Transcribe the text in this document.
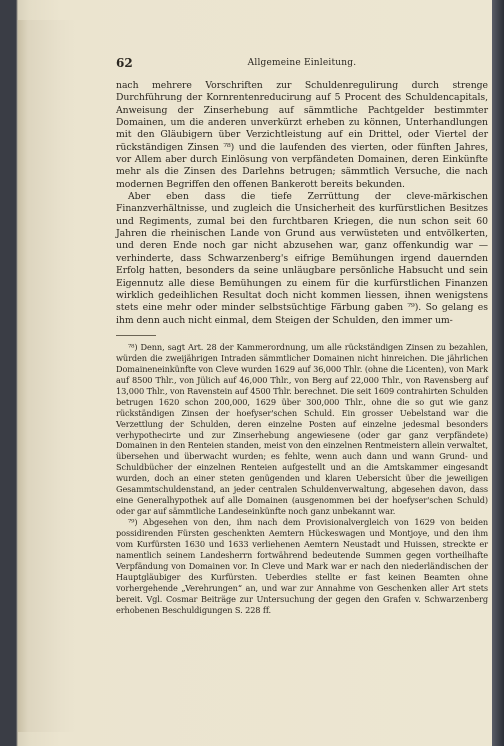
62	Allgemeine Einleitung.

nach mehrere Vorschriften zur Schuldenregulirung durch strenge Durchführung der Kornrentenreducirung auf 5 Procent des Schuldencapitals, Anweisung der Zinserhebung auf sämmtliche Pachtgelder bestimmter Domainen, um die anderen unverkürzt erheben zu können, Unterhandlungen mit den Gläubigern über Verzichtleistung auf ein Drittel, oder Viertel der rückständigen Zinsen ⁷⁸) und die laufenden des vierten, oder fünften Jahres, vor Allem aber durch Einlösung von verpfändeten Domainen, deren Einkünfte mehr als die Zinsen des Darlehns betrugen; sämmtlich Versuche, die nach modernen Begriffen den offenen Bankerott bereits bekunden.

Aber eben dass die tiefe Zerrüttung der cleve-märkischen Finanzverhältnisse, und zugleich die Unsicherheit des kurfürstlichen Besitzes und Regiments, zumal bei den furchtbaren Kriegen, die nun schon seit 60 Jahren die rheinischen Lande von Grund aus verwüsteten und entvölkerten, und deren Ende noch gar nicht abzusehen war, ganz offenkundig war — verhinderte, dass Schwarzenberg's eifrige Bemühungen irgend dauernden Erfolg hatten, besonders da seine unläugbare persönliche Habsucht und sein Eigennutz alle diese Bemühungen zu einem für die kurfürstlichen Finanzen wirklich gedeihlichen Resultat doch nicht kommen liessen, ihnen wenigstens stets eine mehr oder minder selbstsüchtige Färbung gaben ⁷⁹). So gelang es ihm denn auch nicht einmal, dem Steigen der Schulden, den immer um-

⁷⁸) Denn, sagt Art. 28 der Kammerordnung, um alle rückständigen Zinsen zu bezahlen, würden die zweijährigen Intraden sämmtlicher Domainen nicht hinreichen. Die jährlichen Domaineneinkünfte von Cleve wurden 1629 auf 36,000 Thlr. (ohne die Licenten), von Mark auf 8500 Thlr., von Jülich auf 46,000 Thlr., von Berg auf 22,000 Thlr., von Ravensberg auf 13,000 Thlr., von Ravenstein auf 4500 Thlr. berechnet. Die seit 1609 contrahirten Schulden betrugen 1620 schon 200,000, 1629 über 300,000 Thlr., ohne die so gut wie ganz rückständigen Zinsen der hoefyser'schen Schuld. Ein grosser Uebelstand war die Verzettlung der Schulden, deren einzelne Posten auf einzelne jedesmal besonders verhypothecirte und zur Zinserhebung angewiesene (oder gar ganz verpfändete) Domainen in den Renteien standen, meist von den einzelnen Rentmeistern allein verwaltet, übersehen und überwacht wurden; es fehlte, wenn auch dann und wann Grund- und Schuldbücher der einzelnen Renteien aufgestellt und an die Amtskammer eingesandt wurden, doch an einer steten genügenden und klaren Uebersicht über die jeweiligen Gesammtschuldenstand, an jeder centralen Schuldenverwaltung, abgesehen davon, dass eine Generalhypothek auf alle Domainen (ausgenommen bei der hoefyser'schen Schuld) oder gar auf sämmtliche Landeseinkünfte noch ganz unbekannt war.

⁷⁹) Abgesehen von den, ihm nach dem Provisionalvergleich von 1629 von beiden possidirenden Fürsten geschenkten Aemtern Hückeswagen und Montjoye, und den ihm vom Kurfürsten 1630 und 1633 verliehenen Aemtern Neustadt und Huissen, streckte er namentlich seinem Landesherrn fortwährend bedeutende Summen gegen vortheilhafte Verpfändung von Domainen vor. In Cleve und Mark war er nach den niederländischen der Hauptgläubiger des Kurfürsten. Ueberdies stellte er fast keinen Beamten ohne vorhergehende „Verehrungen“ an, und war zur Annahme von Geschenken aller Art stets bereit. Vgl. Cosmar Beiträge zur Untersuchung der gegen den Grafen v. Schwarzenberg erhobenen Beschuldigungen S. 228 ff.
